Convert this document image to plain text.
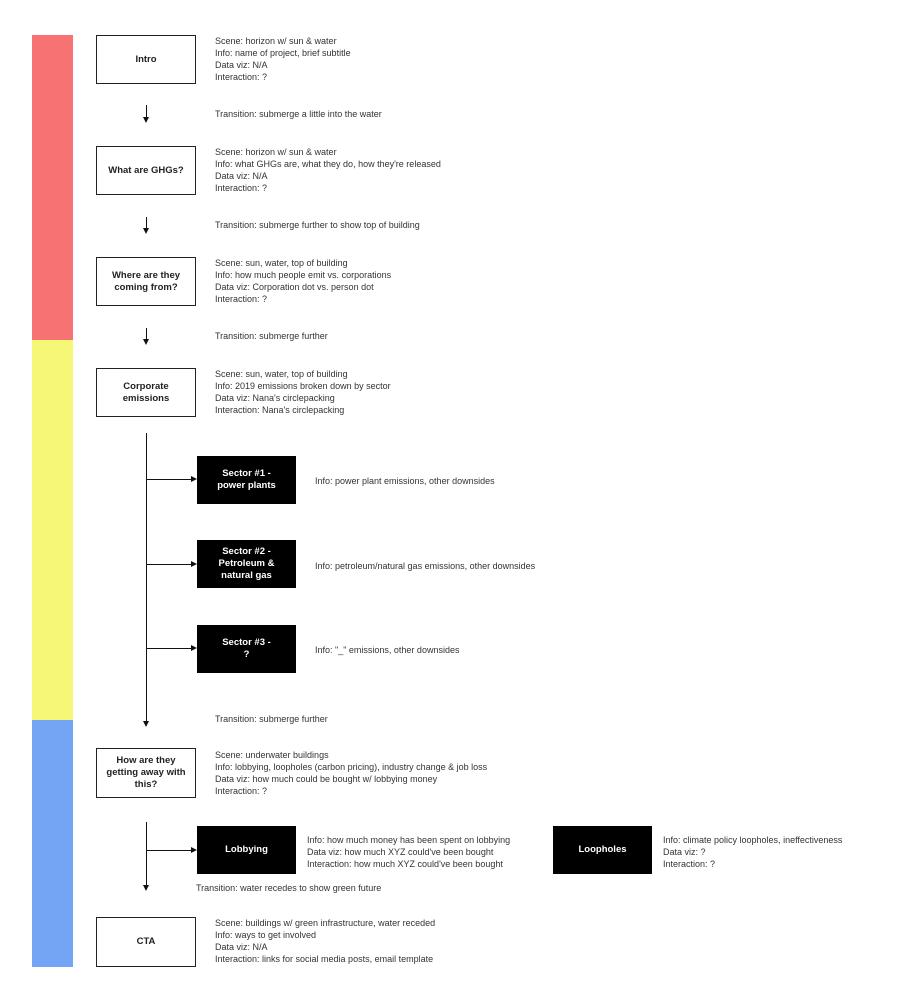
Intro
Scene: horizon w/ sun & water
Info: name of project, brief subtitle
Data viz: N/A
Interaction: ?
Transition: submerge a little into the water
What are GHGs?
Scene: horizon w/ sun & water
Info: what GHGs are, what they do, how they're released
Data viz: N/A
Interaction: ?
Transition: submerge further to show top of building
Where are they
coming from?
Scene: sun, water, top of building
Info: how much people emit vs. corporations
Data viz: Corporation dot vs. person dot
Interaction: ?
Transition: submerge further
Corporate
emissions
Scene: sun, water, top of building
Info: 2019 emissions broken down by sector
Data viz: Nana's circlepacking
Interaction: Nana's circlepacking
Sector #1 -
power plants	Info: power plant emissions, other downsides
Sector #2 -
Petroleum &
natural gas
Info: petroleum/natural gas emissions, other downsides
Sector #3 -
?	Info: "_" emissions, other downsides
Transition: submerge further
How are they
getting away with
this?
Scene: underwater buildings
Info: lobbying, loopholes (carbon pricing), industry change & job loss
Data viz: how much could be bought w/ lobbying money
Interaction: ?
Lobbying
Info: how much money has been spent on lobbying
Data viz: how much XYZ could've been bought
Interaction: how much XYZ could've been bought
Loopholes
Info: climate policy loopholes, ineffectiveness
Data viz: ?
Interaction: ?
Transition: water recedes to show green future
CTA
Scene: buildings w/ green infrastructure, water receded
Info: ways to get involved
Data viz: N/A
Interaction: links for social media posts, email template
